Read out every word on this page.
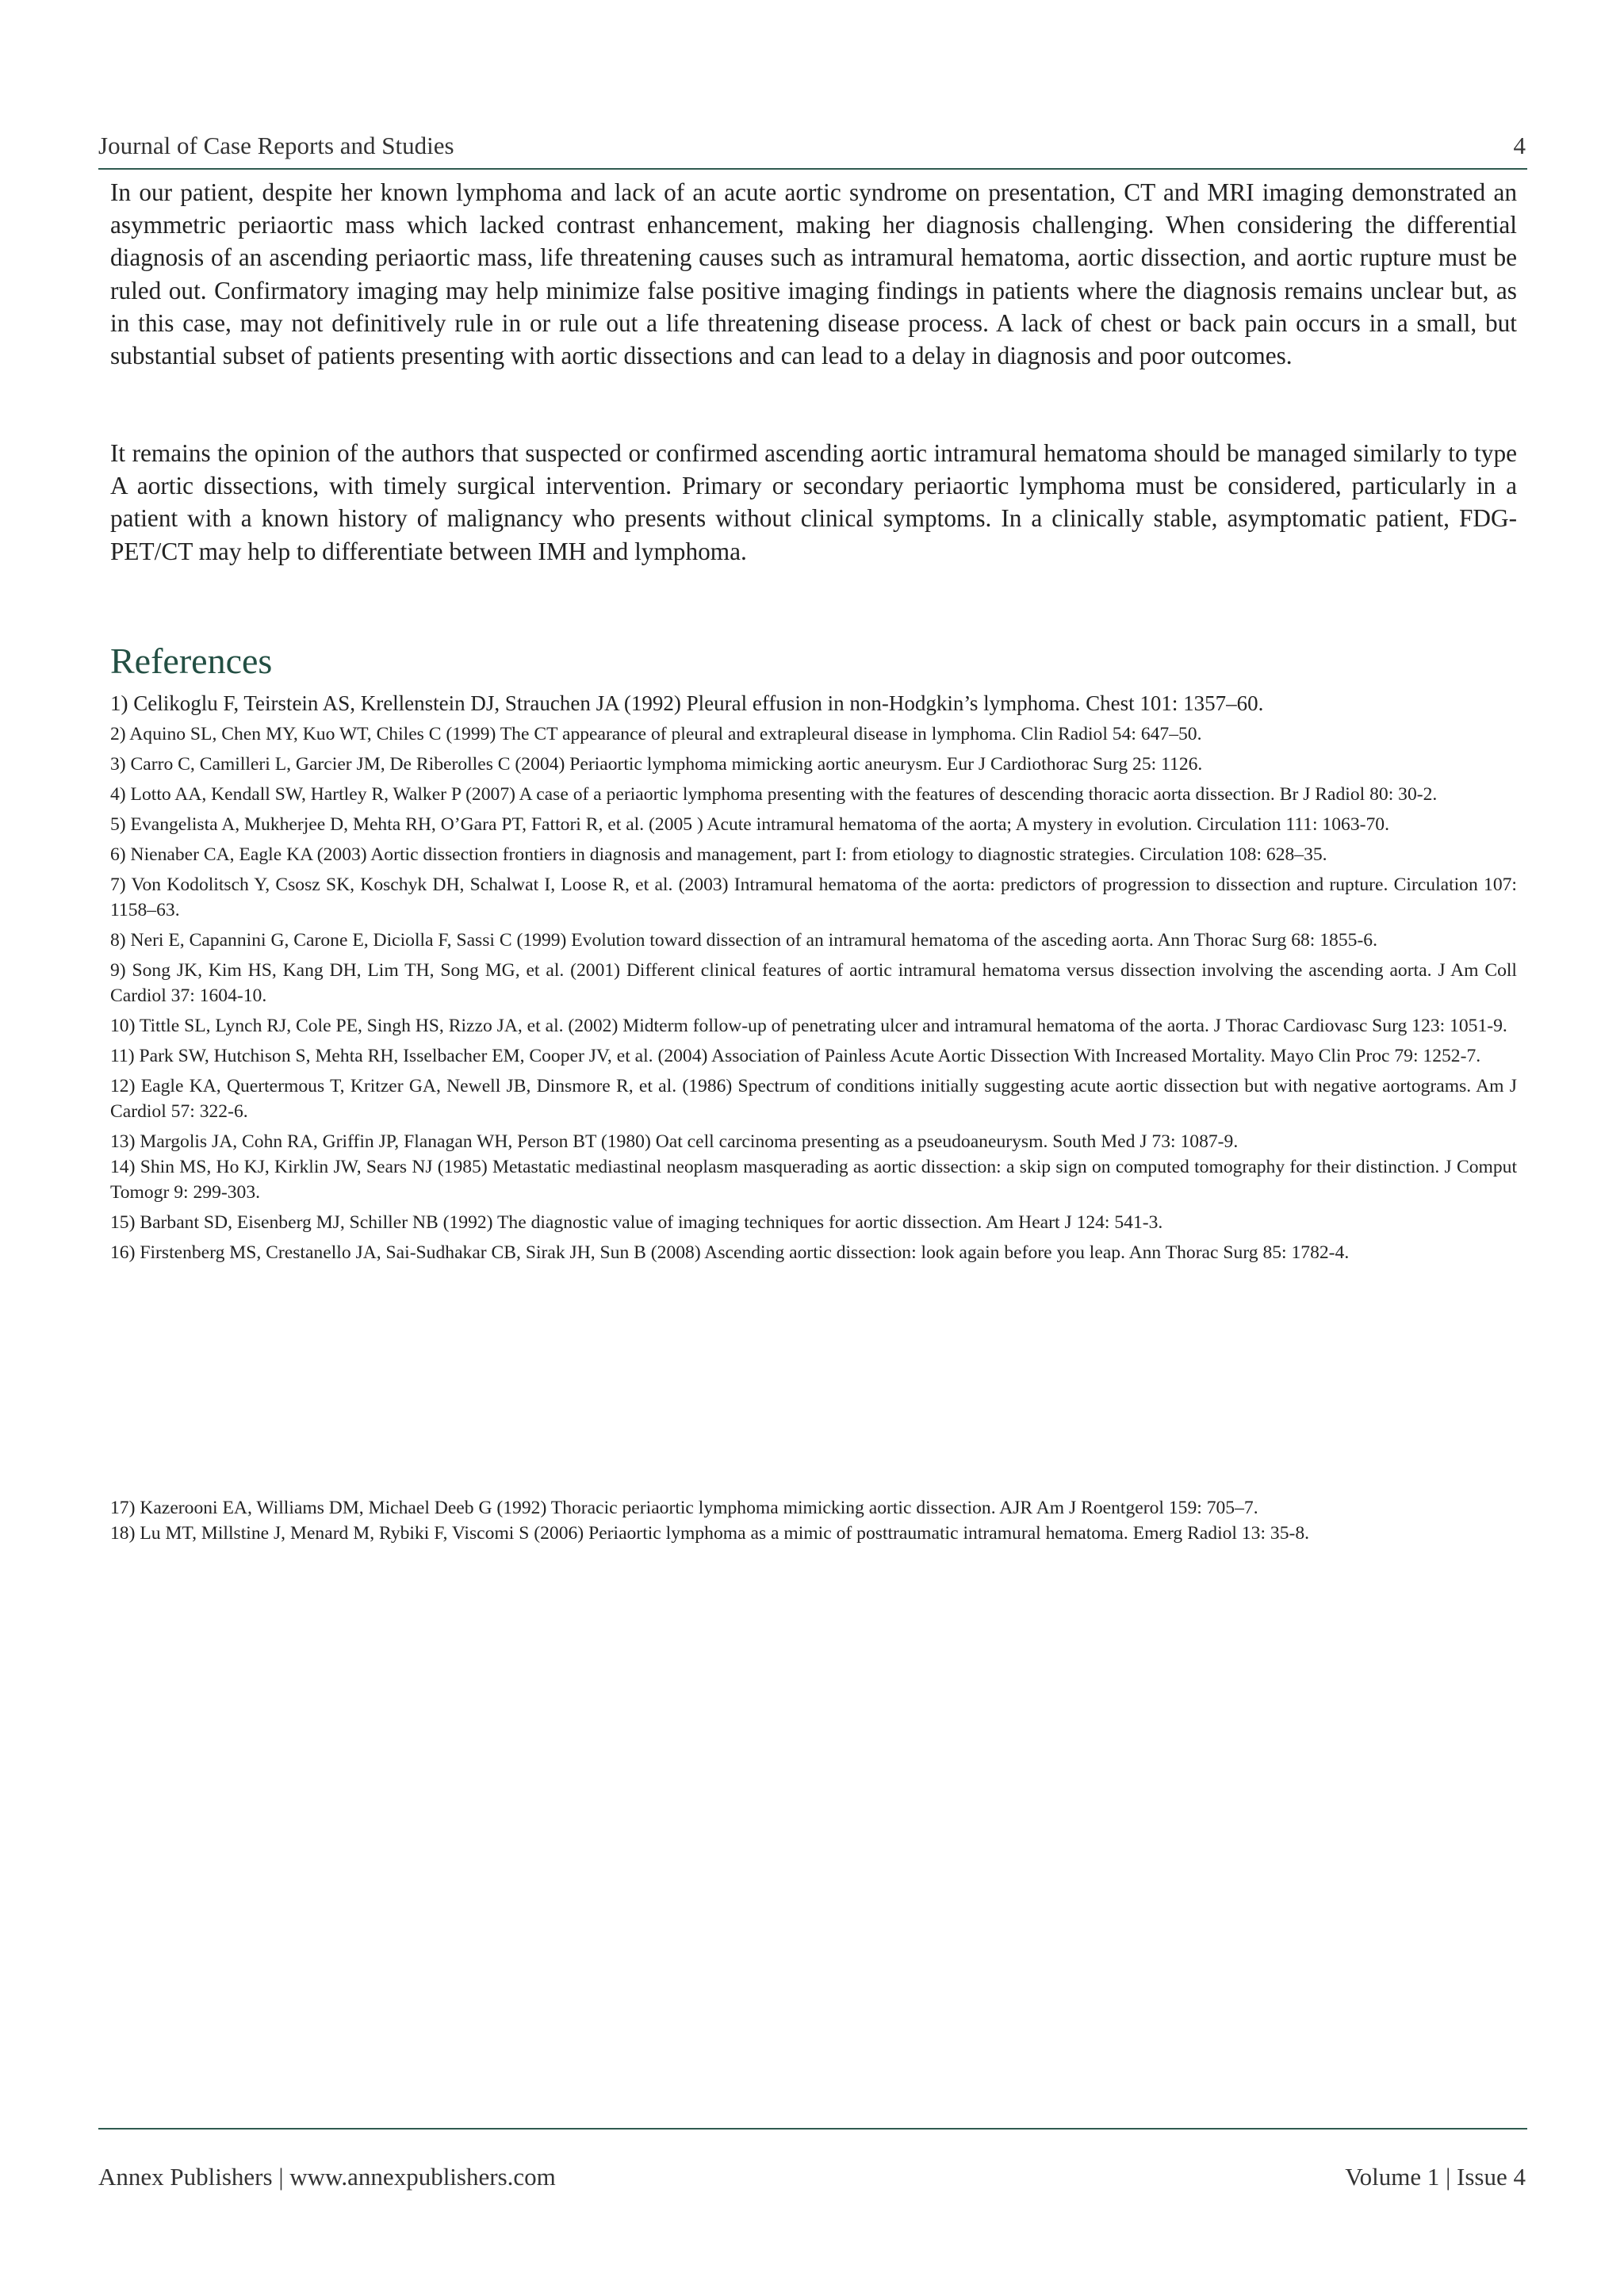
Journal of Case Reports and Studies	4

In our patient, despite her known lymphoma and lack of an acute aortic syndrome on presentation, CT and MRI imaging demonstrated an asymmetric periaortic mass which lacked contrast enhancement, making her diagnosis challenging. When considering the differential diagnosis of an ascending periaortic mass, life threatening causes such as intramural hematoma, aortic dissection, and aortic rupture must be ruled out. Confirmatory imaging may help minimize false positive imaging findings in patients where the diagnosis remains unclear but, as in this case, may not definitively rule in or rule out a life threatening disease process. A lack of chest or back pain occurs in a small, but substantial subset of patients presenting with aortic dissections and can lead to a delay in diagnosis and poor outcomes.

It remains the opinion of the authors that suspected or confirmed ascending aortic intramural hematoma should be managed similarly to type A aortic dissections, with timely surgical intervention. Primary or secondary periaortic lymphoma must be considered, particularly in a patient with a known history of malignancy who presents without clinical symptoms. In a clinically stable, asymptomatic patient, FDG-PET/CT may help to differentiate between IMH and lymphoma.

References
1) Celikoglu F, Teirstein AS, Krellenstein DJ, Strauchen JA (1992) Pleural effusion in non-Hodgkin’s lymphoma. Chest 101: 1357–60.
2) Aquino SL, Chen MY, Kuo WT, Chiles C (1999) The CT appearance of pleural and extrapleural disease in lymphoma. Clin Radiol 54: 647–50.
3) Carro C, Camilleri L, Garcier JM, De Riberolles C (2004) Periaortic lymphoma mimicking aortic aneurysm. Eur J Cardiothorac Surg 25: 1126.
4) Lotto AA, Kendall SW, Hartley R, Walker P (2007) A case of a periaortic lymphoma presenting with the features of descending thoracic aorta dissection. Br J Radiol 80: 30-2.
5) Evangelista A, Mukherjee D, Mehta RH, O’Gara PT, Fattori R, et al. (2005 ) Acute intramural hematoma of the aorta; A mystery in evolution. Circulation 111: 1063-70.
6) Nienaber CA, Eagle KA (2003) Aortic dissection frontiers in diagnosis and management, part I: from etiology to diagnostic strategies. Circulation 108: 628–35.
7) Von Kodolitsch Y, Csosz SK, Koschyk DH, Schalwat I, Loose R, et al. (2003) Intramural hematoma of the aorta: predictors of progression to dissection and rupture. Circulation 107: 1158–63.
8) Neri E, Capannini G, Carone E, Diciolla F, Sassi C (1999) Evolution toward dissection of an intramural hematoma of the asceding aorta. Ann Thorac Surg 68: 1855-6.
9) Song JK, Kim HS, Kang DH, Lim TH, Song MG, et al. (2001) Different clinical features of aortic intramural hematoma versus dissection involving the ascending aorta. J Am Coll Cardiol 37: 1604-10.
10) Tittle SL, Lynch RJ, Cole PE, Singh HS, Rizzo JA, et al. (2002) Midterm follow-up of penetrating ulcer and intramural hematoma of the aorta. J Thorac Cardiovasc Surg 123: 1051-9.
11) Park SW, Hutchison S, Mehta RH, Isselbacher EM, Cooper JV, et al. (2004) Association of Painless Acute Aortic Dissection With Increased Mortality. Mayo Clin Proc 79: 1252-7.
12) Eagle KA, Quertermous T, Kritzer GA, Newell JB, Dinsmore R, et al. (1986) Spectrum of conditions initially suggesting acute aortic dissection but with negative aortograms. Am J Cardiol 57: 322-6.
13) Margolis JA, Cohn RA, Griffin JP, Flanagan WH, Person BT (1980) Oat cell carcinoma presenting as a pseudoaneurysm. South Med J 73: 1087-9.
14) Shin MS, Ho KJ, Kirklin JW, Sears NJ (1985) Metastatic mediastinal neoplasm masquerading as aortic dissection: a skip sign on computed tomography for their distinction. J Comput Tomogr 9: 299-303.
15) Barbant SD, Eisenberg MJ, Schiller NB (1992) The diagnostic value of imaging techniques for aortic dissection. Am Heart J 124: 541-3.
16) Firstenberg MS, Crestanello JA, Sai-Sudhakar CB, Sirak JH, Sun B (2008) Ascending aortic dissection: look again before you leap. Ann Thorac Surg 85: 1782-4.
17) Kazerooni EA, Williams DM, Michael Deeb G (1992) Thoracic periaortic lymphoma mimicking aortic dissection. AJR Am J Roentgerol 159: 705–7.
18) Lu MT, Millstine J, Menard M, Rybiki F, Viscomi S (2006) Periaortic lymphoma as a mimic of posttraumatic intramural hematoma. Emerg Radiol 13: 35-8.
Annex Publishers | www.annexpublishers.com	Volume 1 | Issue 4
